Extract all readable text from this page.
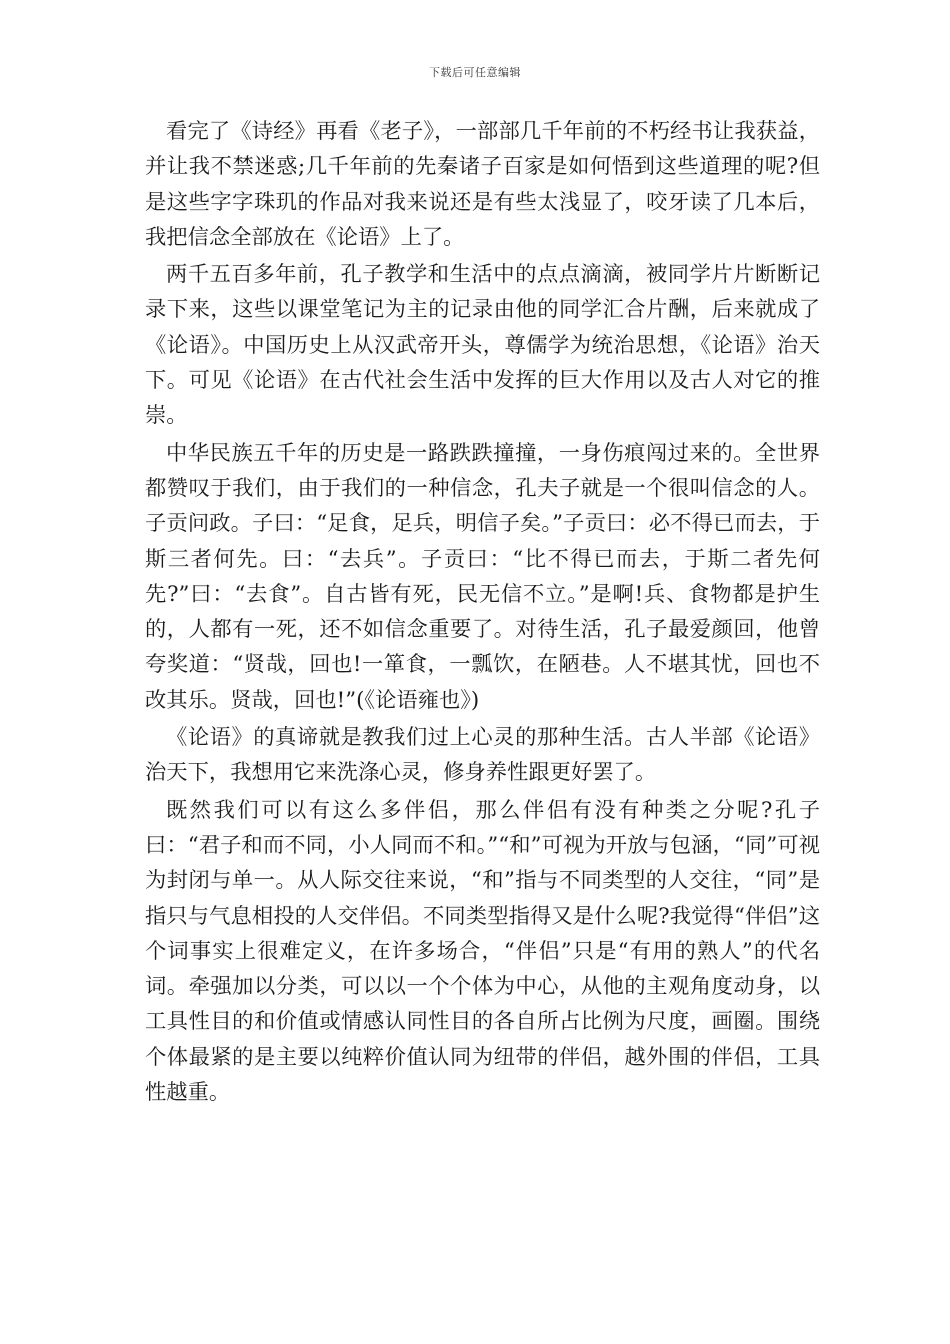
下载后可任意编辑

看完了《诗经》再看《老子》，一部部几千年前的不朽经书让我获益，并让我不禁迷惑;几千年前的先秦诸子百家是如何悟到这些道理的呢?但是这些字字珠玑的作品对我来说还是有些太浅显了，咬牙读了几本后，我把信念全部放在《论语》上了。

两千五百多年前，孔子教学和生活中的点点滴滴，被同学片片断断记录下来，这些以课堂笔记为主的记录由他的同学汇合片酬，后来就成了《论语》。中国历史上从汉武帝开头，尊儒学为统治思想，《论语》治天下。可见《论语》在古代社会生活中发挥的巨大作用以及古人对它的推崇。

中华民族五千年的历史是一路跌跌撞撞，一身伤痕闯过来的。全世界都赞叹于我们，由于我们的一种信念，孔夫子就是一个很叫信念的人。子贡问政。子曰：“足食，足兵，明信子矣。”子贡曰：必不得已而去，于斯三者何先。曰：“去兵”。子贡曰：“比不得已而去，于斯二者先何先?”曰：“去食”。自古皆有死，民无信不立。”是啊!兵、食物都是护生的，人都有一死，还不如信念重要了。对待生活，孔子最爱颜回，他曾夸奖道：“贤哉，回也!一箪食，一瓢饮，在陋巷。人不堪其忧，回也不改其乐。贤哉，回也!”(《论语雍也》)

《论语》的真谛就是教我们过上心灵的那种生活。古人半部《论语》治天下，我想用它来洗涤心灵，修身养性跟更好罢了。

既然我们可以有这么多伴侣，那么伴侣有没有种类之分呢?孔子曰：“君子和而不同，小人同而不和。”“和”可视为开放与包涵，“同”可视为封闭与单一。从人际交往来说，“和”指与不同类型的人交往，“同”是指只与气息相投的人交伴侣。不同类型指得又是什么呢?我觉得“伴侣”这个词事实上很难定义，在许多场合，“伴侣”只是“有用的熟人”的代名词。牵强加以分类，可以以一个个体为中心，从他的主观角度动身，以工具性目的和价值或情感认同性目的各自所占比例为尺度，画圈。围绕个体最紧的是主要以纯粹价值认同为纽带的伴侣，越外围的伴侣，工具性越重。
